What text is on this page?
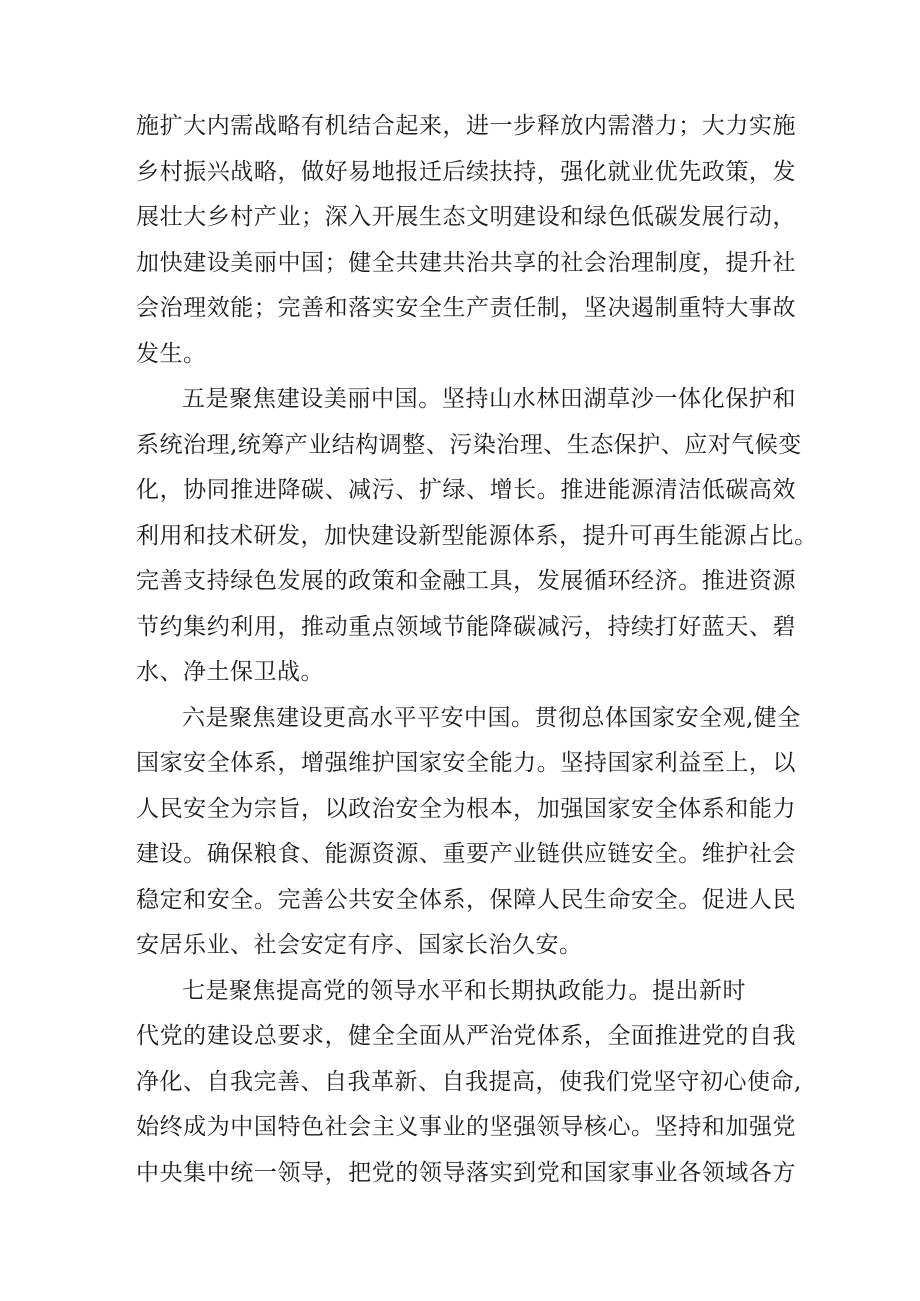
施扩大内需战略有机结合起来，进一步释放内需潜力；大力实施
乡村振兴战略，做好易地报迁后续扶持，强化就业优先政策，发
展壮大乡村产业；深入开展生态文明建设和绿色低碳发展行动，
加快建设美丽中国；健全共建共治共享的社会治理制度，提升社
会治理效能；完善和落实安全生产责任制，坚决遏制重特大事故
发生。

五是聚焦建设美丽中国。坚持山水林田湖草沙一体化保护和
系统治理,统筹产业结构调整、污染治理、生态保护、应对气候变
化，协同推进降碳、减污、扩绿、增长。推进能源清洁低碳高效
利用和技术研发，加快建设新型能源体系，提升可再生能源占比。
完善支持绿色发展的政策和金融工具，发展循环经济。推进资源
节约集约利用，推动重点领域节能降碳减污，持续打好蓝天、碧
水、净土保卫战。

六是聚焦建设更高水平平安中国。贯彻总体国家安全观,健全
国家安全体系，增强维护国家安全能力。坚持国家利益至上，以
人民安全为宗旨，以政治安全为根本，加强国家安全体系和能力
建设。确保粮食、能源资源、重要产业链供应链安全。维护社会
稳定和安全。完善公共安全体系，保障人民生命安全。促进人民
安居乐业、社会安定有序、国家长治久安。

七是聚焦提高党的领导水平和长期执政能力。提出新时
代党的建设总要求，健全全面从严治党体系，全面推进党的自我
净化、自我完善、自我革新、自我提高，使我们党坚守初心使命,
始终成为中国特色社会主义事业的坚强领导核心。坚持和加强党
中央集中统一领导，把党的领导落实到党和国家事业各领域各方
